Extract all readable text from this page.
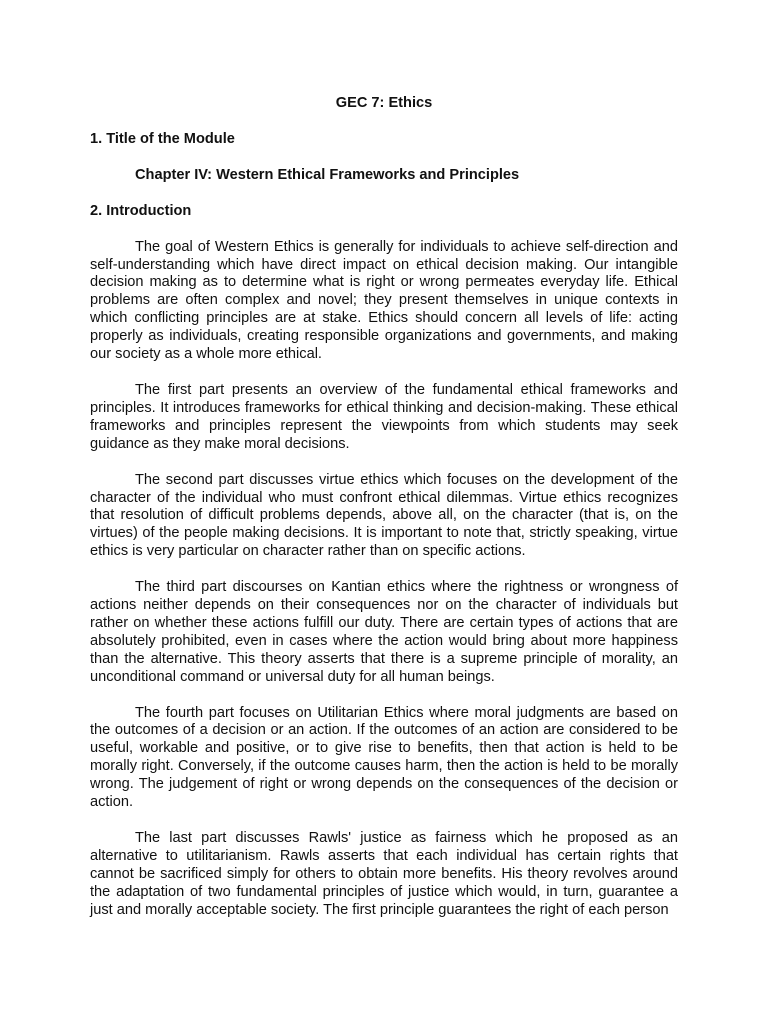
GEC 7: Ethics
1. Title of the Module
Chapter IV: Western Ethical Frameworks and Principles
2. Introduction

The goal of Western Ethics is generally for individuals to achieve self-direction and self-understanding which have direct impact on ethical decision making. Our intangible decision making as to determine what is right or wrong permeates everyday life. Ethical problems are often complex and novel; they present themselves in unique contexts in which conflicting principles are at stake. Ethics should concern all levels of life: acting properly as individuals, creating responsible organizations and governments, and making our society as a whole more ethical.

The first part presents an overview of the fundamental ethical frameworks and principles. It introduces frameworks for ethical thinking and decision-making. These ethical frameworks and principles represent the viewpoints from which students may seek guidance as they make moral decisions.

The second part discusses virtue ethics which focuses on the development of the character of the individual who must confront ethical dilemmas. Virtue ethics recognizes that resolution of difficult problems depends, above all, on the character (that is, on the virtues) of the people making decisions. It is important to note that, strictly speaking, virtue ethics is very particular on character rather than on specific actions.

The third part discourses on Kantian ethics where the rightness or wrongness of actions neither depends on their consequences nor on the character of individuals but rather on whether these actions fulfill our duty. There are certain types of actions that are absolutely prohibited, even in cases where the action would bring about more happiness than the alternative. This theory asserts that there is a supreme principle of morality, an unconditional command or universal duty for all human beings.

The fourth part focuses on Utilitarian Ethics where moral judgments are based on the outcomes of a decision or an action. If the outcomes of an action are considered to be useful, workable and positive, or to give rise to benefits, then that action is held to be morally right. Conversely, if the outcome causes harm, then the action is held to be morally wrong. The judgement of right or wrong depends on the consequences of the decision or action.

The last part discusses Rawls' justice as fairness which he proposed as an alternative to utilitarianism. Rawls asserts that each individual has certain rights that cannot be sacrificed simply for others to obtain more benefits. His theory revolves around the adaptation of two fundamental principles of justice which would, in turn, guarantee a just and morally acceptable society. The first principle guarantees the right of each person
